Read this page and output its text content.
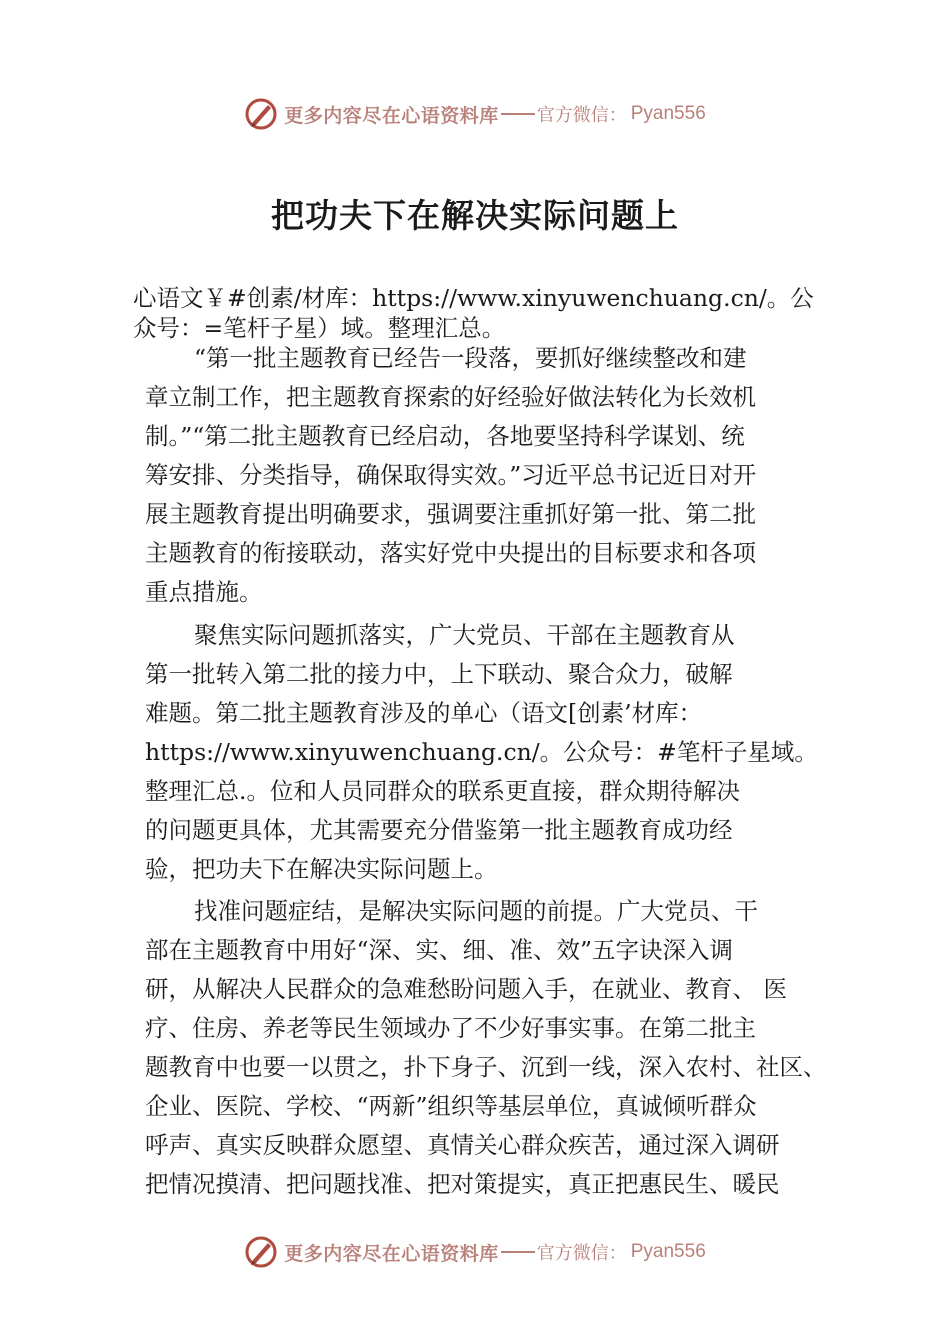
更多内容尽在心语资料库 官方微信： Pyan556
把功夫下在解决实际问题上
心语文￥#创素/材库：https://www.xinyuwenchuang.cn/。公
众号：=笔杆子星）域。整理汇总。
“第一批主题教育已经告一段落，要抓好继续整改和建
章立制工作，把主题教育探索的好经验好做法转化为长效机
制。”“第二批主题教育已经启动，各地要坚持科学谋划、统
筹安排、分类指导，确保取得实效。”习近平总书记近日对开
展主题教育提出明确要求，强调要注重抓好第一批、第二批
主题教育的衔接联动，落实好党中央提出的目标要求和各项
重点措施。
聚焦实际问题抓落实，广大党员、干部在主题教育从
第一批转入第二批的接力中，上下联动、聚合众力，破解
难题。第二批主题教育涉及的单心（语文[创素’材库：
https://www.xinyuwenchuang.cn/。公众号：#笔杆子星域。
整理汇总.。位和人员同群众的联系更直接，群众期待解决
的问题更具体，尤其需要充分借鉴第一批主题教育成功经
验，把功夫下在解决实际问题上。
找准问题症结，是解决实际问题的前提。广大党员、干
部在主题教育中用好“深、实、细、准、效”五字诀深入调
研，从解决人民群众的急难愁盼问题入手，在就业、教育、 医
疗、住房、养老等民生领域办了不少好事实事。在第二批主
题教育中也要一以贯之，扑下身子、沉到一线，深入农村、社区、
企业、医院、学校、“两新”组织等基层单位，真诚倾听群众
呼声、真实反映群众愿望、真情关心群众疾苦，通过深入调研
把情况摸清、把问题找准、把对策提实，真正把惠民生、暖民
更多内容尽在心语资料库 官方微信： Pyan556
